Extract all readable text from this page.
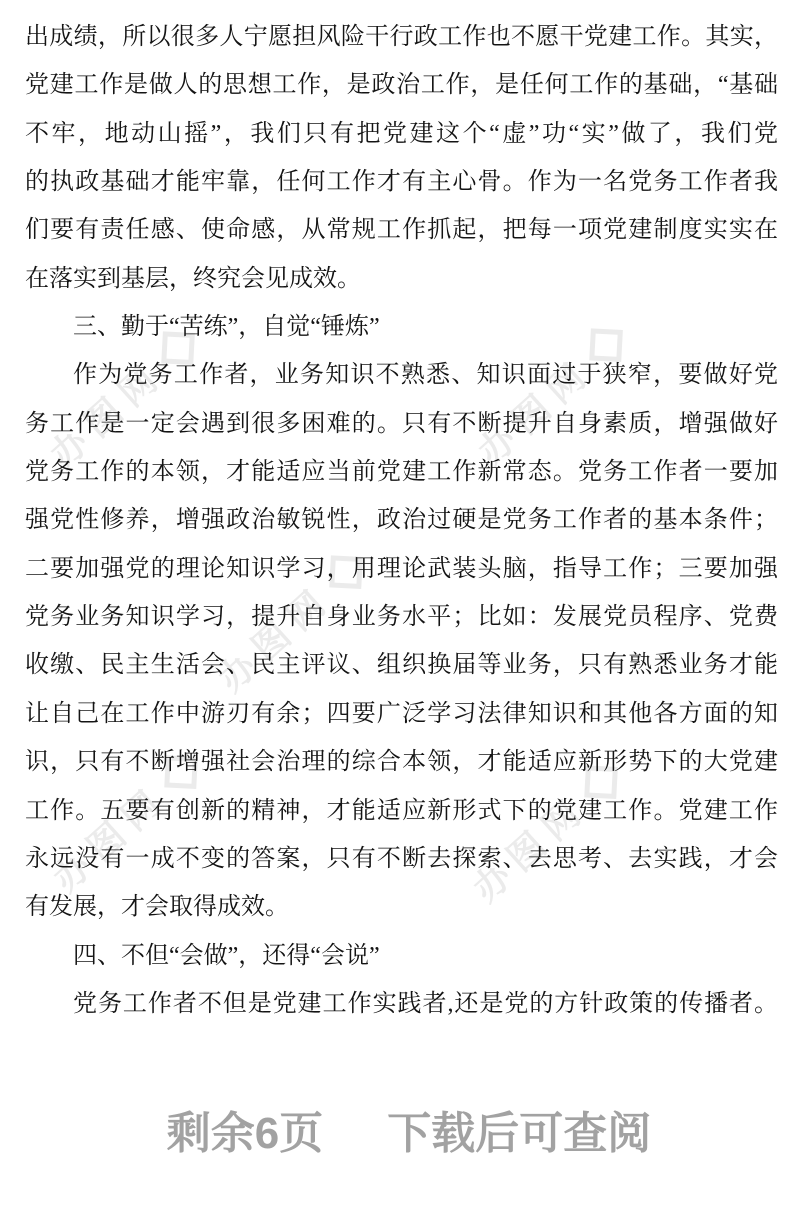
办图网
办图网
办图网
办图网	办图网
出成绩，所以很多人宁愿担风险干行政工作也不愿干党建工作。其实，
党建工作是做人的思想工作，是政治工作，是任何工作的基础，“基础
不牢，地动山摇”，我们只有把党建这个“虚”功“实”做了，我们党
的执政基础才能牢靠，任何工作才有主心骨。作为一名党务工作者我
们要有责任感、使命感，从常规工作抓起，把每一项党建制度实实在
在落实到基层，终究会见成效。
三、勤于“苦练”，自觉“锤炼”
作为党务工作者，业务知识不熟悉、知识面过于狭窄，要做好党
务工作是一定会遇到很多困难的。只有不断提升自身素质，增强做好
党务工作的本领，才能适应当前党建工作新常态。党务工作者一要加
强党性修养，增强政治敏锐性，政治过硬是党务工作者的基本条件；
二要加强党的理论知识学习，用理论武装头脑，指导工作；三要加强
党务业务知识学习，提升自身业务水平；比如：发展党员程序、党费
收缴、民主生活会、民主评议、组织换届等业务，只有熟悉业务才能
让自己在工作中游刃有余；四要广泛学习法律知识和其他各方面的知
识，只有不断增强社会治理的综合本领，才能适应新形势下的大党建
工作。五要有创新的精神，才能适应新形式下的党建工作。党建工作
永远没有一成不变的答案，只有不断去探索、去思考、去实践，才会
有发展，才会取得成效。
四、不但“会做”，还得“会说”
党务工作者不但是党建工作实践者,还是党的方针政策的传播者。
剩余6页 下载后可查阅
